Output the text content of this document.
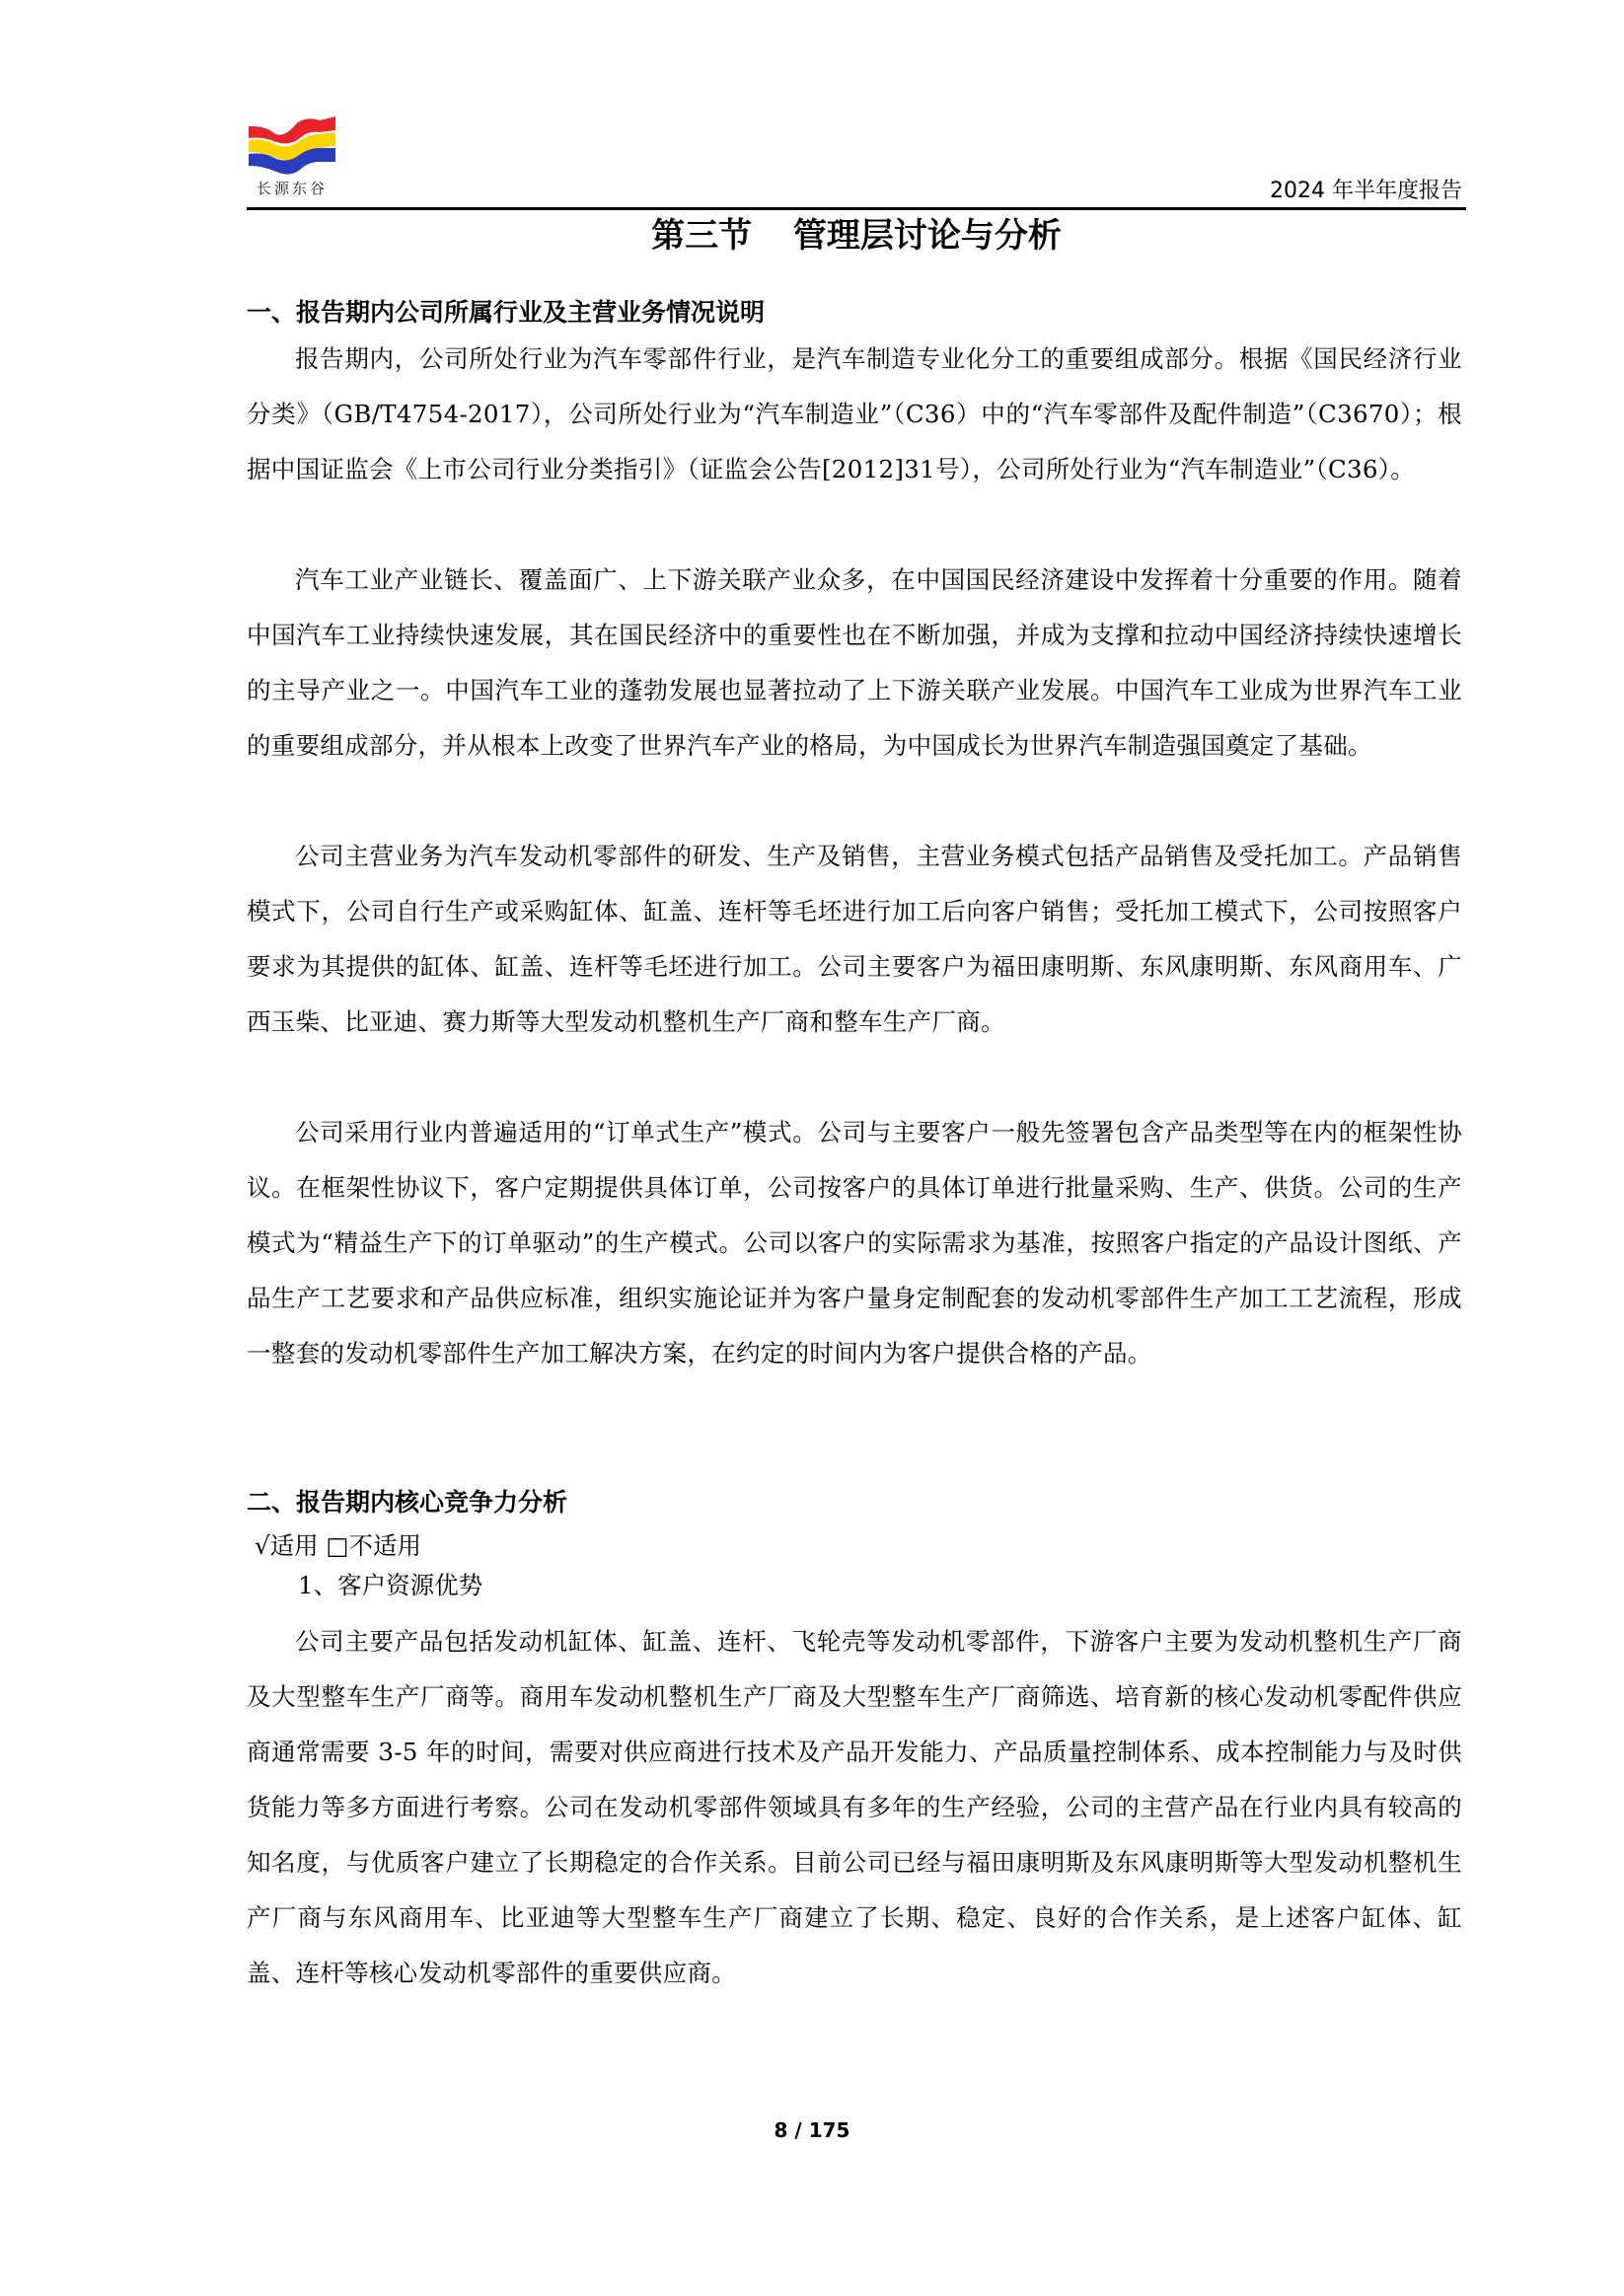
长源东谷	2024 年半年度报告
第三节 管理层讨论与分析
一、报告期内公司所属行业及主营业务情况说明

报告期内，公司所处行业为汽车零部件行业，是汽车制造专业化分工的重要组成部分。根据《国民经济行业分类》（GB/T4754-2017），公司所处行业为“汽车制造业”（C36）中的“汽车零部件及配件制造”（C3670）；根据中国证监会《上市公司行业分类指引》（证监会公告[2012]31号），公司所处行业为“汽车制造业”（C36）。

汽车工业产业链长、覆盖面广、上下游关联产业众多，在中国国民经济建设中发挥着十分重要的作用。随着中国汽车工业持续快速发展，其在国民经济中的重要性也在不断加强，并成为支撑和拉动中国经济持续快速增长的主导产业之一。中国汽车工业的蓬勃发展也显著拉动了上下游关联产业发展。中国汽车工业成为世界汽车工业的重要组成部分，并从根本上改变了世界汽车产业的格局，为中国成长为世界汽车制造强国奠定了基础。

公司主营业务为汽车发动机零部件的研发、生产及销售，主营业务模式包括产品销售及受托加工。产品销售模式下，公司自行生产或采购缸体、缸盖、连杆等毛坯进行加工后向客户销售；受托加工模式下，公司按照客户要求为其提供的缸体、缸盖、连杆等毛坯进行加工。公司主要客户为福田康明斯、东风康明斯、东风商用车、广西玉柴、比亚迪、赛力斯等大型发动机整机生产厂商和整车生产厂商。

公司采用行业内普遍适用的“订单式生产”模式。公司与主要客户一般先签署包含产品类型等在内的框架性协议。在框架性协议下，客户定期提供具体订单，公司按客户的具体订单进行批量采购、生产、供货。公司的生产模式为“精益生产下的订单驱动”的生产模式。公司以客户的实际需求为基准，按照客户指定的产品设计图纸、产品生产工艺要求和产品供应标准，组织实施论证并为客户量身定制配套的发动机零部件生产加工工艺流程，形成一整套的发动机零部件生产加工解决方案，在约定的时间内为客户提供合格的产品。

二、报告期内核心竞争力分析
√适用 □不适用
1、客户资源优势

公司主要产品包括发动机缸体、缸盖、连杆、飞轮壳等发动机零部件，下游客户主要为发动机整机生产厂商及大型整车生产厂商等。商用车发动机整机生产厂商及大型整车生产厂商筛选、培育新的核心发动机零配件供应商通常需要 3-5 年的时间，需要对供应商进行技术及产品开发能力、产品质量控制体系、成本控制能力与及时供货能力等多方面进行考察。公司在发动机零部件领域具有多年的生产经验，公司的主营产品在行业内具有较高的知名度，与优质客户建立了长期稳定的合作关系。目前公司已经与福田康明斯及东风康明斯等大型发动机整机生产厂商与东风商用车、比亚迪等大型整车生产厂商建立了长期、稳定、良好的合作关系，是上述客户缸体、缸盖、连杆等核心发动机零部件的重要供应商。

8 / 175
